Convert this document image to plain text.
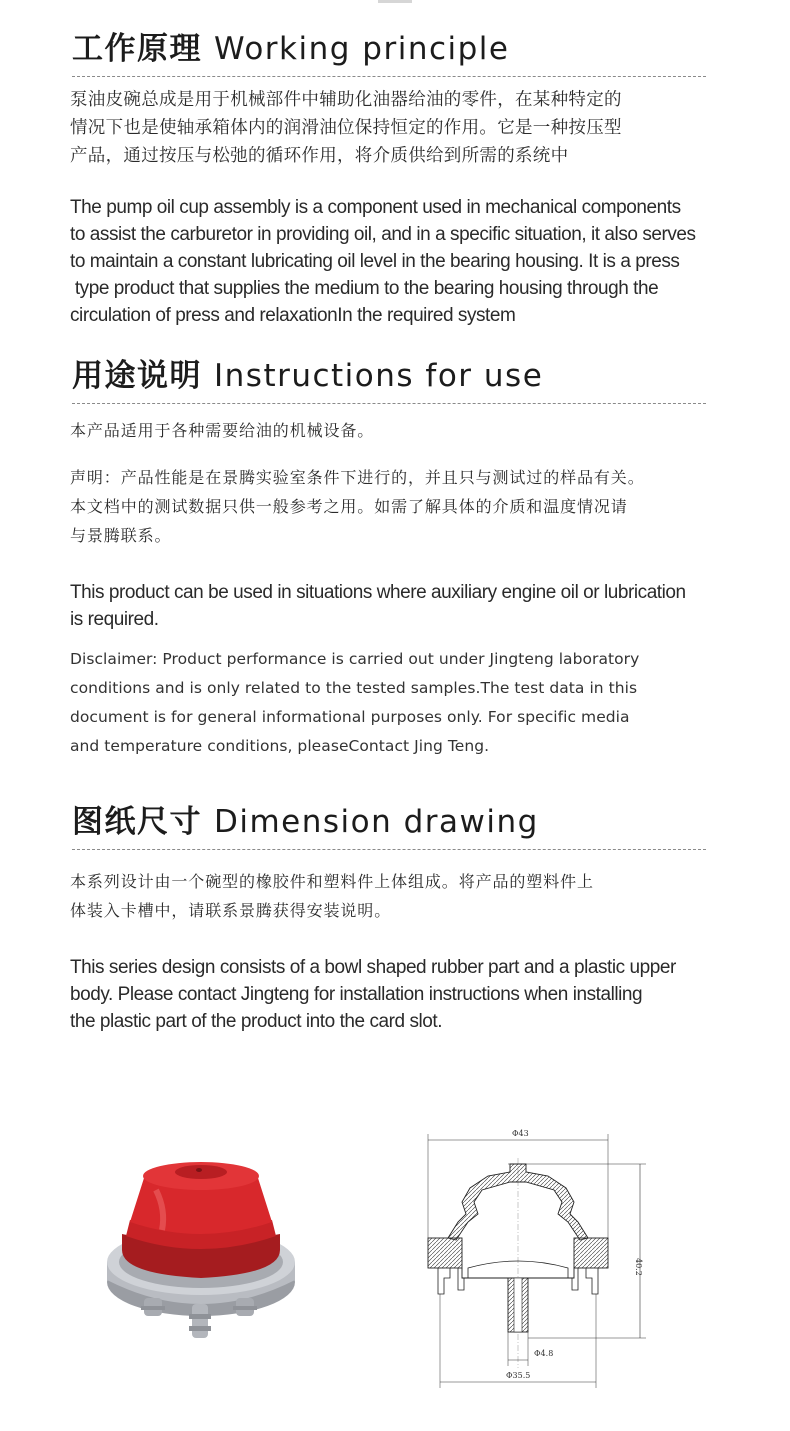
工作原理 Working principle
泵油皮碗总成是用于机械部件中辅助化油器给油的零件，在某种特定的
情况下也是使轴承箱体内的润滑油位保持恒定的作用。它是一种按压型
产品，通过按压与松弛的循环作用，将介质供给到所需的系统中
The pump oil cup assembly is a component used in mechanical components
to assist the carburetor in providing oil, and in a specific situation, it also serves
to maintain a constant lubricating oil level in the bearing housing. It is a press
type product that supplies the medium to the bearing housing through the
circulation of press and relaxationIn the required system
用途说明 Instructions for use
本产品适用于各种需要给油的机械设备。
声明：产品性能是在景腾实验室条件下进行的，并且只与测试过的样品有关。
本文档中的测试数据只供一般参考之用。如需了解具体的介质和温度情况请
与景腾联系。
This product can be used in situations where auxiliary engine oil or lubrication
is required.
Disclaimer: Product performance is carried out under Jingteng laboratory
conditions and is only related to the tested samples.The test data in this
document is for general informational purposes only. For specific media
and temperature conditions, pleaseContact Jing Teng.
图纸尺寸 Dimension drawing
本系列设计由一个碗型的橡胶件和塑料件上体组成。将产品的塑料件上
体装入卡槽中，请联系景腾获得安装说明。
This series design consists of a bowl shaped rubber part and a plastic upper
body. Please contact Jingteng for installation instructions when installing
the plastic part of the product into the card slot.
Φ43
40.2
Φ4.8
Φ35.5
